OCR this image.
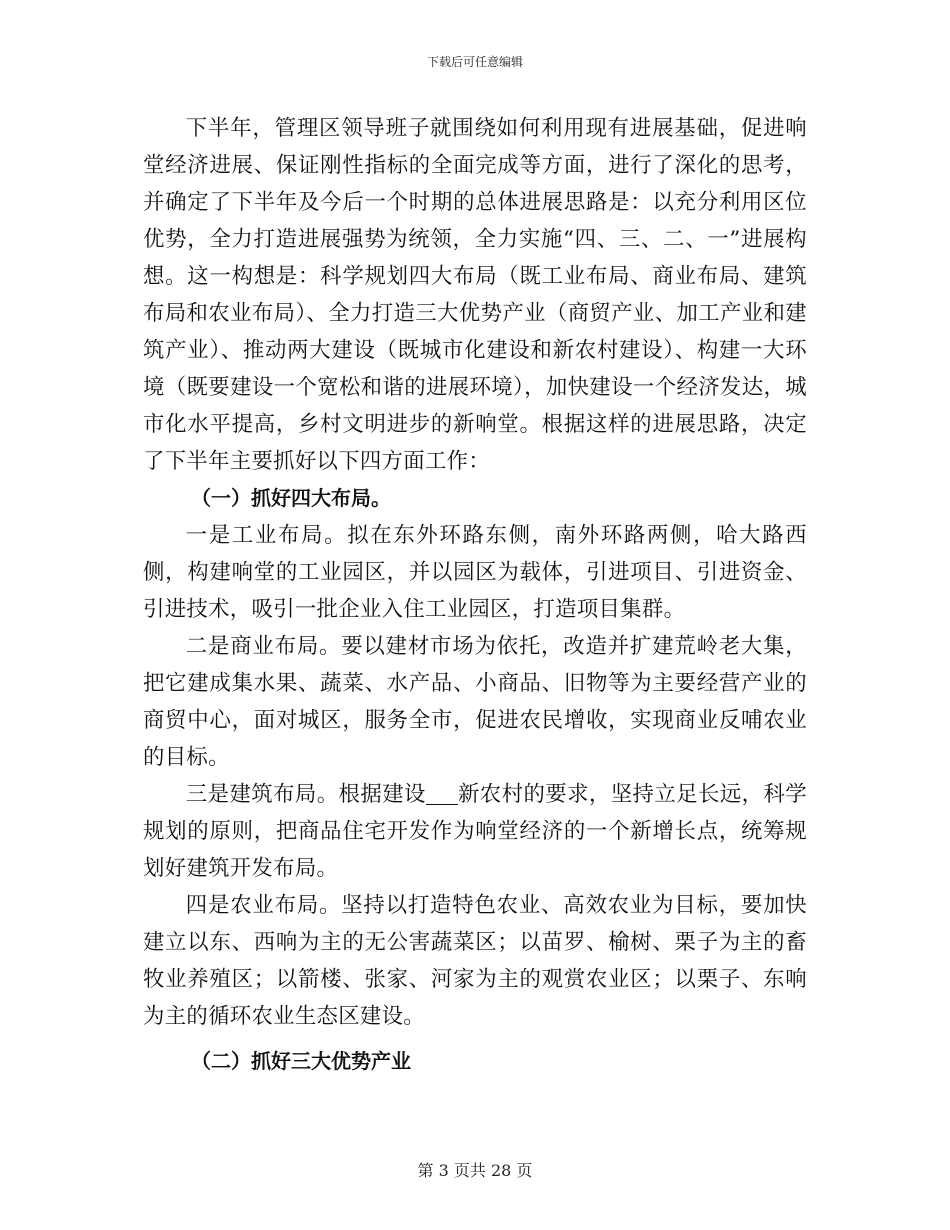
下载后可任意编辑

下半年，管理区领导班子就围绕如何利用现有进展基础，促进响堂经济进展、保证刚性指标的全面完成等方面，进行了深化的思考，并确定了下半年及今后一个时期的总体进展思路是：以充分利用区位优势，全力打造进展强势为统领，全力实施“四、三、二、一”进展构想。这一构想是：科学规划四大布局（既工业布局、商业布局、建筑布局和农业布局）、全力打造三大优势产业（商贸产业、加工产业和建筑产业）、推动两大建设（既城市化建设和新农村建设）、构建一大环境（既要建设一个宽松和谐的进展环境），加快建设一个经济发达，城市化水平提高，乡村文明进步的新响堂。根据这样的进展思路，决定了下半年主要抓好以下四方面工作：

（一）抓好四大布局。

一是工业布局。拟在东外环路东侧，南外环路两侧，哈大路西侧，构建响堂的工业园区，并以园区为载体，引进项目、引进资金、引进技术，吸引一批企业入住工业园区，打造项目集群。

二是商业布局。要以建材市场为依托，改造并扩建荒岭老大集，把它建成集水果、蔬菜、水产品、小商品、旧物等为主要经营产业的商贸中心，面对城区，服务全市，促进农民增收，实现商业反哺农业的目标。

三是建筑布局。根据建设 新农村的要求，坚持立足长远，科学规划的原则，把商品住宅开发作为响堂经济的一个新增长点，统筹规划好建筑开发布局。

四是农业布局。坚持以打造特色农业、高效农业为目标，要加快建立以东、西响为主的无公害蔬菜区；以苗罗、榆树、栗子为主的畜牧业养殖区；以箭楼、张家、河家为主的观赏农业区；以栗子、东响为主的循环农业生态区建设。

（二）抓好三大优势产业

第 3 页共 28 页
